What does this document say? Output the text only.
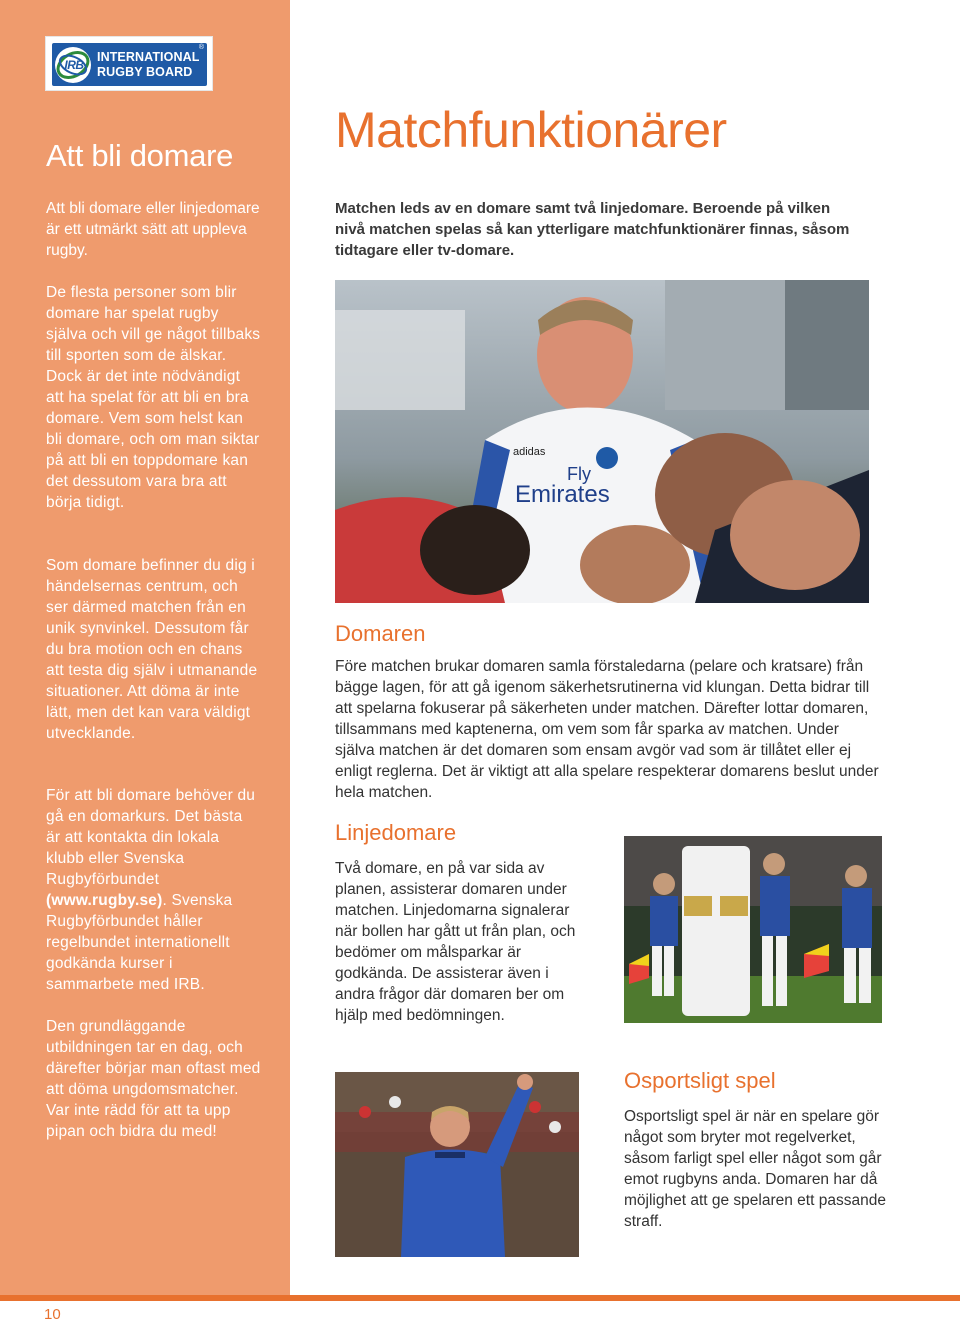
IRB
INTERNATIONAL
RUGBY BOARD
®
Att bli domare

Att bli domare eller linjedomare är ett utmärkt sätt att uppleva rugby.

De flesta personer som blir domare har spelat rugby själva och vill ge något tillbaks till sporten som de älskar. Dock är det inte nödvändigt att ha spelat för att bli en bra domare. Vem som helst kan bli domare, och om man siktar på att bli en toppdomare kan det dessutom vara bra att börja tidigt.

Som domare befinner du dig i händelsernas centrum, och ser därmed matchen från en unik synvinkel. Dessutom får du bra motion och en chans att testa dig själv i utmanande situationer. Att döma är inte lätt, men det kan vara väldigt utvecklande.

För att bli domare behöver du gå en domarkurs. Det bästa är att kontakta din lokala klubb eller Svenska Rugbyförbundet (www.rugby.se). Svenska Rugbyförbundet håller regelbundet internationellt godkända kurser i sammarbete med IRB.

Den grundläggande utbildningen tar en dag, och därefter börjar man oftast med att döma ungdomsmatcher. Var inte rädd för att ta upp pipan och bidra du med!

Matchfunktionärer

Matchen leds av en domare samt två linjedomare. Beroende på vilken nivå matchen spelas så kan ytterligare matchfunktionärer finnas, såsom tidtagare eller tv-domare.

Fly
Emirates
adidas
Domaren

Före matchen brukar domaren samla förstaledarna (pelare och kratsare) från bägge lagen, för att gå igenom säkerhetsrutinerna vid klungan. Detta bidrar till att spelarna fokuserar på säkerheten under matchen. Därefter lottar domaren, tillsammans med kaptenerna, om vem som får sparka av matchen. Under själva matchen är det domaren som ensam avgör vad som är tillåtet eller ej enligt reglerna. Det är viktigt att alla spelare respekterar domarens beslut under hela matchen.

Linjedomare

Två domare, en på var sida av planen, assisterar domaren under matchen. Linjedomarna signalerar när bollen har gått ut från plan, och bedömer om målsparkar är godkända. De assisterar även i andra frågor där domaren ber om hjälp med bedömningen.

Osportsligt spel

Osportsligt spel är när en spelare gör något som bryter mot regelverket, såsom farligt spel eller något som går emot rugbyns anda. Domaren har då möjlighet att ge spelaren ett passande straff.

10
